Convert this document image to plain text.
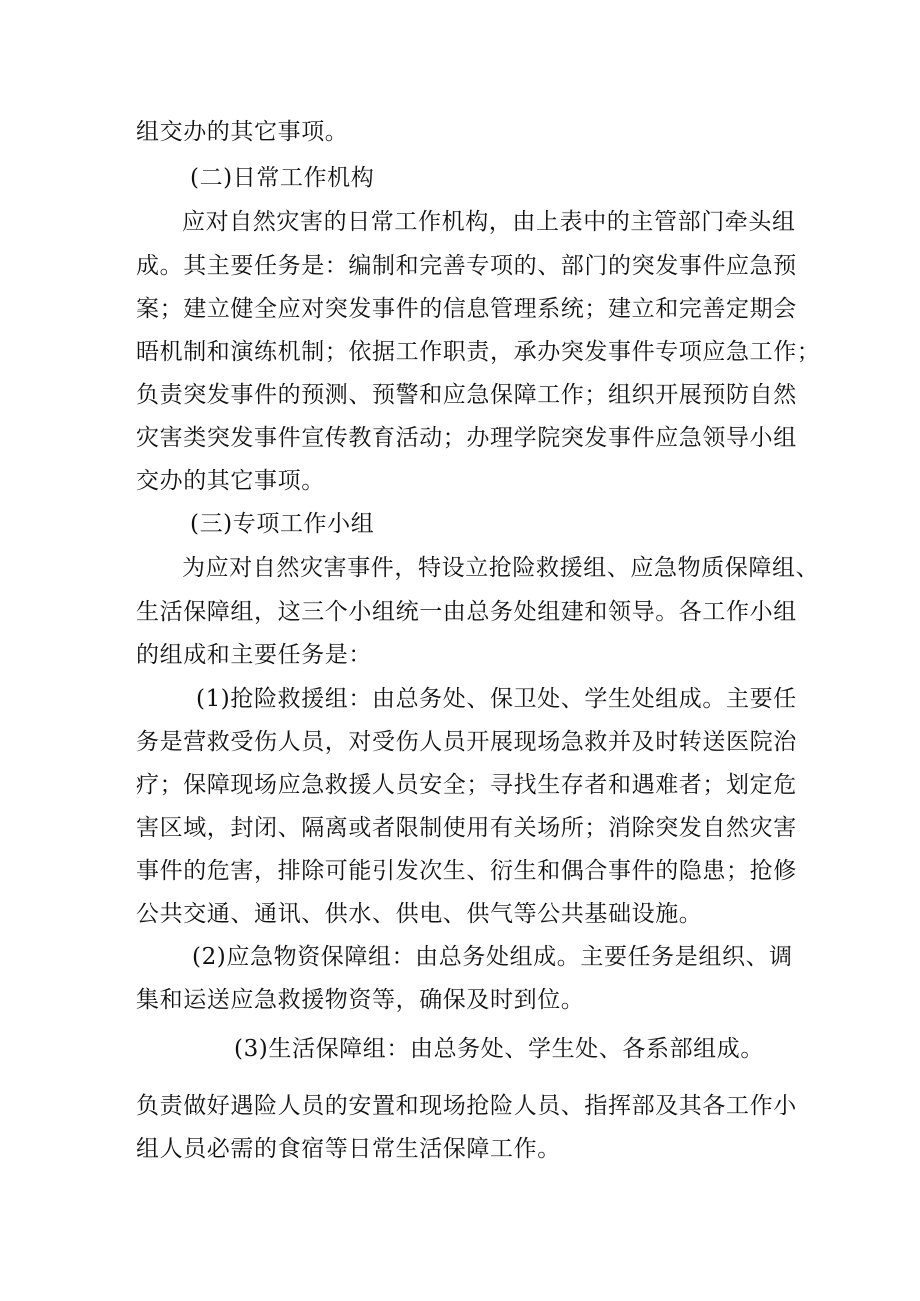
组交办的其它事项。
(二)日常工作机构
应对自然灾害的日常工作机构，由上表中的主管部门牵头组
成。其主要任务是：编制和完善专项的、部门的突发事件应急预
案；建立健全应对突发事件的信息管理系统；建立和完善定期会
晤机制和演练机制；依据工作职责，承办突发事件专项应急工作；
负责突发事件的预测、预警和应急保障工作；组织开展预防自然
灾害类突发事件宣传教育活动；办理学院突发事件应急领导小组
交办的其它事项。
(三)专项工作小组
为应对自然灾害事件，特设立抢险救援组、应急物质保障组、
生活保障组，这三个小组统一由总务处组建和领导。各工作小组
的组成和主要任务是：
(1)抢险救援组：由总务处、保卫处、学生处组成。主要任
务是营救受伤人员，对受伤人员开展现场急救并及时转送医院治
疗；保障现场应急救援人员安全；寻找生存者和遇难者；划定危
害区域，封闭、隔离或者限制使用有关场所；消除突发自然灾害
事件的危害，排除可能引发次生、衍生和偶合事件的隐患；抢修
公共交通、通讯、供水、供电、供气等公共基础设施。
(2)应急物资保障组：由总务处组成。主要任务是组织、调
集和运送应急救援物资等，确保及时到位。
(3)生活保障组：由总务处、学生处、各系部组成。
负责做好遇险人员的安置和现场抢险人员、指挥部及其各工作小
组人员必需的食宿等日常生活保障工作。
